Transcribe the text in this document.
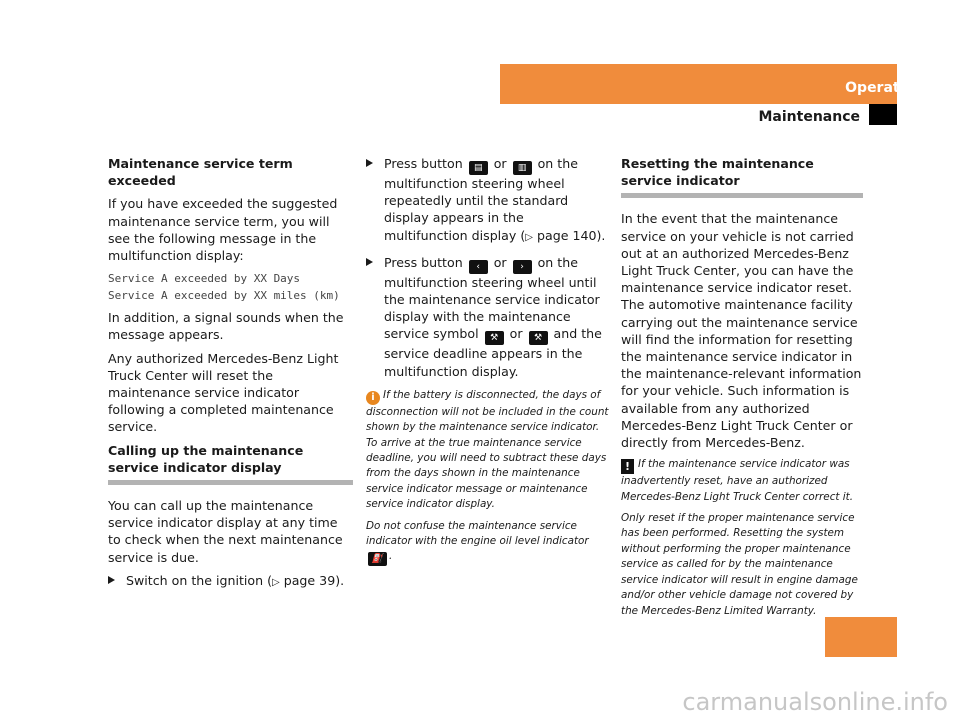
Operation
Maintenance

Maintenance service term exceeded

If you have exceeded the suggested maintenance service term, you will see the following message in the multifunction display:

Service A exceeded by XX Days
Service A exceeded by XX miles (km)

In addition, a signal sounds when the message appears.

Any authorized Mercedes-Benz Light Truck Center will reset the maintenance service indicator following a completed maintenance service.

Calling up the maintenance service indicator display

You can call up the maintenance service indicator display at any time to check when the next maintenance service is due.

Switch on the ignition (▷ page 39).
Press button ▤ or ▥ on the multifunction steering wheel repeatedly until the standard display appears in the multifunction display (▷ page 140).
Press button ‹ or › on the multifunction steering wheel until the maintenance service indicator display with the maintenance service symbol ⚒ or ⚒ and the service deadline appears in the multifunction display.

i If the battery is disconnected, the days of disconnection will not be included in the count shown by the maintenance service indicator. To arrive at the true maintenance service deadline, you will need to subtract these days from the days shown in the maintenance service indicator message or maintenance service indicator display.

Do not confuse the maintenance service indicator with the engine oil level indicator ⛽ .

Resetting the maintenance service indicator

In the event that the maintenance service on your vehicle is not carried out at an authorized Mercedes-Benz Light Truck Center, you can have the maintenance service indicator reset. The automotive maintenance facility carrying out the maintenance service will find the information for resetting the maintenance service indicator in the maintenance-relevant information for your vehicle. Such information is available from any authorized Mercedes-Benz Light Truck Center or directly from Mercedes-Benz.

! If the maintenance service indicator was inadvertently reset, have an authorized Mercedes-Benz Light Truck Center correct it.

Only reset if the proper maintenance service has been performed. Resetting the system without performing the proper maintenance service as called for by the maintenance service indicator will result in engine damage and/or other vehicle damage not covered by the Mercedes-Benz Limited Warranty.

313
carmanualsonline.info
